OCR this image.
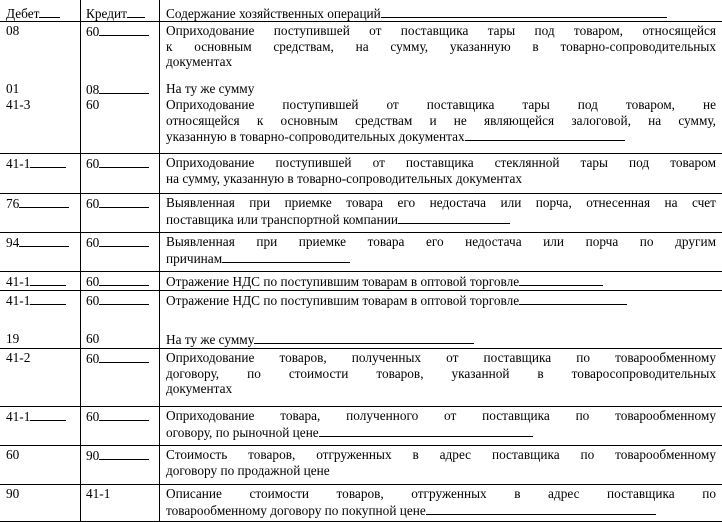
Дебет	Кредит	Содержание хозяйственных операций
08	60	Оприходование поступившей от поставщика тары под товаром, относящейся
к основным средствам, на сумму, указанную в товарно-сопроводительных
документах
01	08	На ту же сумму
41-3	60	Оприходование поступившей от поставщика тары под товаром, не
относящейся к основным средствам и не являющейся залоговой, на сумму,
указанную в товарно-сопроводительных документах
41-1	60	Оприходование поступившей от поставщика стеклянной тары под товаром
на сумму, указанную в товарно-сопроводительных документах
76	60	Выявленная при приемке товара его недостача или порча, отнесенная на счет
поставщика или транспортной компании
94	60	Выявленная при приемке товара его недостача или порча по другим
причинам
41-1	60	Отражение НДС по поступившим товарам в оптовой торговле
41-1	60	Отражение НДС по поступившим товарам в оптовой торговле
19	60	На ту же сумму
41-2	60	Оприходование товаров, полученных от поставщика по товарообменному
договору, по стоимости товаров, указанной в товаросопроводительных
документах
41-1	60	Оприходование товара, полученного от поставщика по товарообменному
оговору, по рыночной цене
60	90	Стоимость товаров, отгруженных в адрес поставщика по товарообменному
договору по продажной цене
90	41-1	Описание стоимости товаров, отгруженных в адрес поставщика по
товарообменному договору по покупной цене
